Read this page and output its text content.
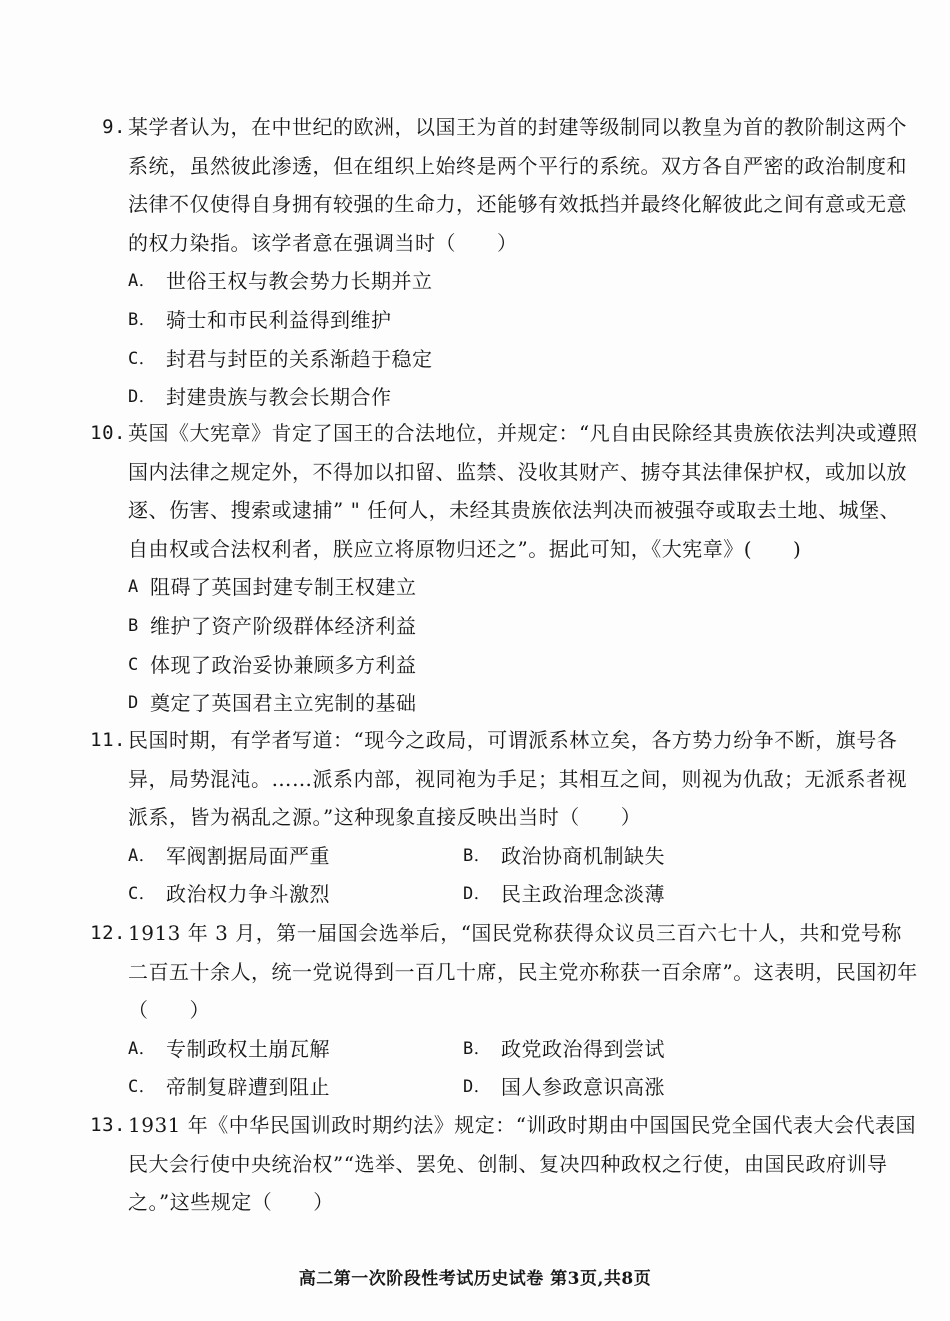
9. 某学者认为，在中世纪的欧洲，以国王为首的封建等级制同以教皇为首的教阶制这两个系统，虽然彼此渗透，但在组织上始终是两个平行的系统。双方各自严密的政治制度和法律不仅使得自身拥有较强的生命力，还能够有效抵挡并最终化解彼此之间有意或无意的权力染指。该学者意在强调当时（　　）
A． 世俗王权与教会势力长期并立
B． 骑士和市民利益得到维护
C． 封君与封臣的关系渐趋于稳定
D． 封建贵族与教会长期合作
10. 英国《大宪章》肯定了国王的合法地位，并规定：“凡自由民除经其贵族依法判决或遵照国内法律之规定外，不得加以扣留、监禁、没收其财产、掳夺其法律保护权，或加以放逐、伤害、搜索或逮捕” " 任何人，未经其贵族依法判决而被强夺或取去土地、城堡、自由权或合法权利者，朕应立将原物归还之”。据此可知，《大宪章》(　　)
A 阻碍了英国封建专制王权建立
B 维护了资产阶级群体经济利益
C 体现了政治妥协兼顾多方利益
D 奠定了英国君主立宪制的基础
11. 民国时期，有学者写道：“现今之政局，可谓派系林立矣，各方势力纷争不断，旗号各异，局势混沌。……派系内部，视同袍为手足；其相互之间，则视为仇敌；无派系者视派系，皆为祸乱之源。”这种现象直接反映出当时（　　）
A． 军阀割据局面严重	B． 政治协商机制缺失
C． 政治权力争斗激烈	D． 民主政治理念淡薄
12. 1913 年 3 月，第一届国会选举后，“国民党称获得众议员三百六七十人，共和党号称二百五十余人，统一党说得到一百几十席，民主党亦称获一百余席”。这表明，民国初年（　　）
A． 专制政权土崩瓦解	B． 政党政治得到尝试
C． 帝制复辟遭到阻止	D． 国人参政意识高涨
13. 1931 年《中华民国训政时期约法》规定：“训政时期由中国国民党全国代表大会代表国民大会行使中央统治权”“选举、罢免、创制、复决四种政权之行使，由国民政府训导之。”这些规定（　　）
高二第一次阶段性考试历史试卷 第3页,共8页
